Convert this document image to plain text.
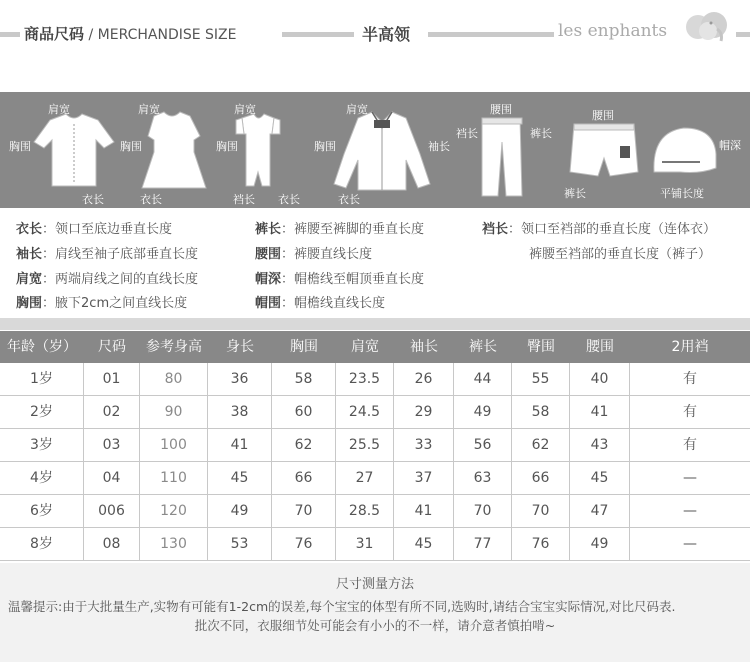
商品尺码 / MERCHANDISE SIZE	半高领	les enphants
肩宽
胸围
衣长
肩宽
胸围
衣长
肩宽
胸围
裆长 衣长
肩宽
胸围	袖长
衣长
腰围
裆长	裤长
腰围
裤长
帽深
平铺长度
衣长：领口至底边垂直长度
袖长：肩线至袖子底部垂直长度
肩宽：两端肩线之间的直线长度
胸围：腋下2cm之间直线长度
裤长：裤腰至裤脚的垂直长度
腰围：裤腰直线长度
帽深：帽檐线至帽顶垂直长度
帽围：帽檐线直线长度
裆长：领口至裆部的垂直长度（连体衣）
裤腰至裆部的垂直长度（裤子）
年龄（岁）	尺码	参考身高	身长	胸围	肩宽	袖长	裤长	臀围	腰围	2用裆
1岁	01	80	36	58	23.5	26	44	55	40	有
2岁	02	90	38	60	24.5	29	49	58	41	有
3岁	03	100	41	62	25.5	33	56	62	43	有
4岁	04	110	45	66	27	37	63	66	45	—
6岁	006	120	49	70	28.5	41	70	70	47	—
8岁	08	130	53	76	31	45	77	76	49	—
尺寸测量方法
温馨提示:由于大批量生产,实物有可能有1-2cm的误差,每个宝宝的体型有所不同,选购时,请结合宝宝实际情况,对比尺码表.
批次不同，衣服细节处可能会有小小的不一样，请介意者慎拍啃~
